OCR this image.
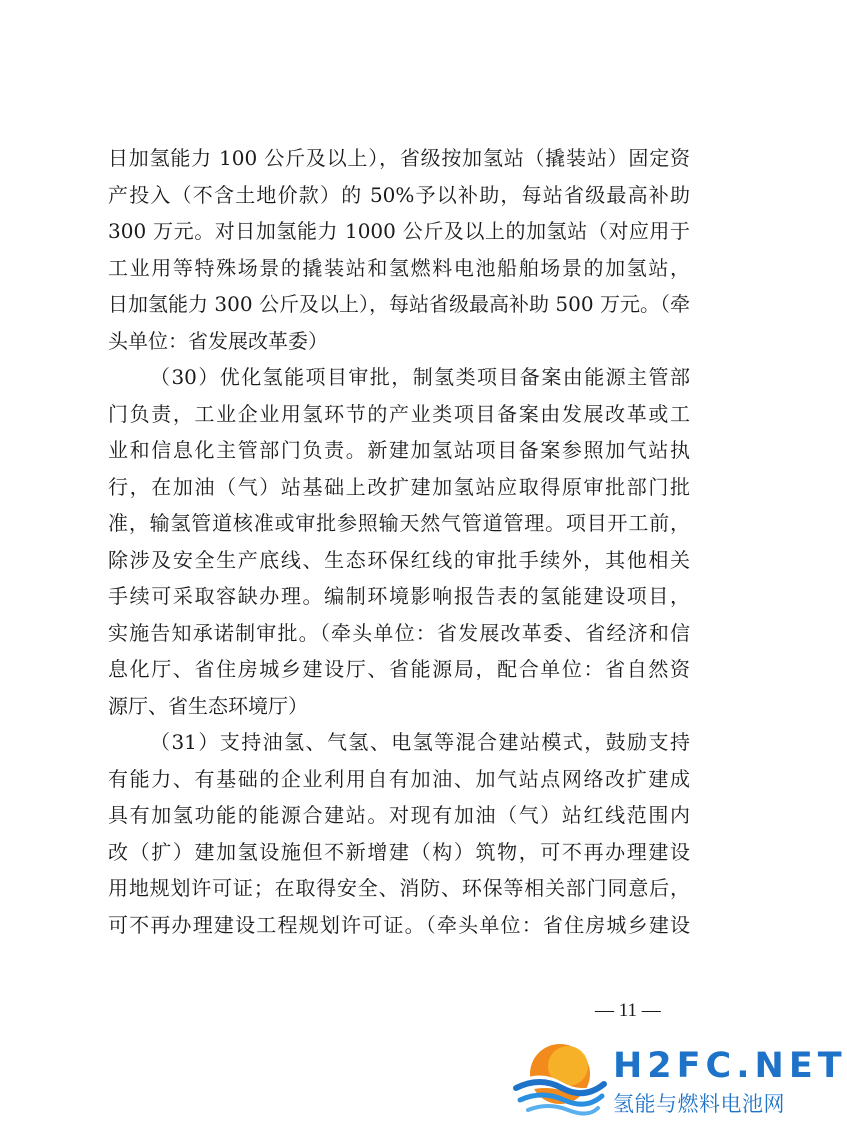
日加氢能力 100 公斤及以上），省级按加氢站（撬装站）固定资
产投入（不含土地价款）的 50%予以补助，每站省级最高补助
300 万元。对日加氢能力 1000 公斤及以上的加氢站（对应用于
工业用等特殊场景的撬装站和氢燃料电池船舶场景的加氢站，
日加氢能力 300 公斤及以上），每站省级最高补助 500 万元。（牵
头单位：省发展改革委）
（30）优化氢能项目审批，制氢类项目备案由能源主管部
门负责，工业企业用氢环节的产业类项目备案由发展改革或工
业和信息化主管部门负责。新建加氢站项目备案参照加气站执
行，在加油（气）站基础上改扩建加氢站应取得原审批部门批
准，输氢管道核准或审批参照输天然气管道管理。项目开工前，
除涉及安全生产底线、生态环保红线的审批手续外，其他相关
手续可采取容缺办理。编制环境影响报告表的氢能建设项目，
实施告知承诺制审批。（牵头单位：省发展改革委、省经济和信
息化厅、省住房城乡建设厅、省能源局，配合单位：省自然资
源厅、省生态环境厅）
（31）支持油氢、气氢、电氢等混合建站模式，鼓励支持
有能力、有基础的企业利用自有加油、加气站点网络改扩建成
具有加氢功能的能源合建站。对现有加油（气）站红线范围内
改（扩）建加氢设施但不新增建（构）筑物，可不再办理建设
用地规划许可证；在取得安全、消防、环保等相关部门同意后，
可不再办理建设工程规划许可证。（牵头单位：省住房城乡建设
— 11 —
H2FC.NET
氢能与燃料电池网
